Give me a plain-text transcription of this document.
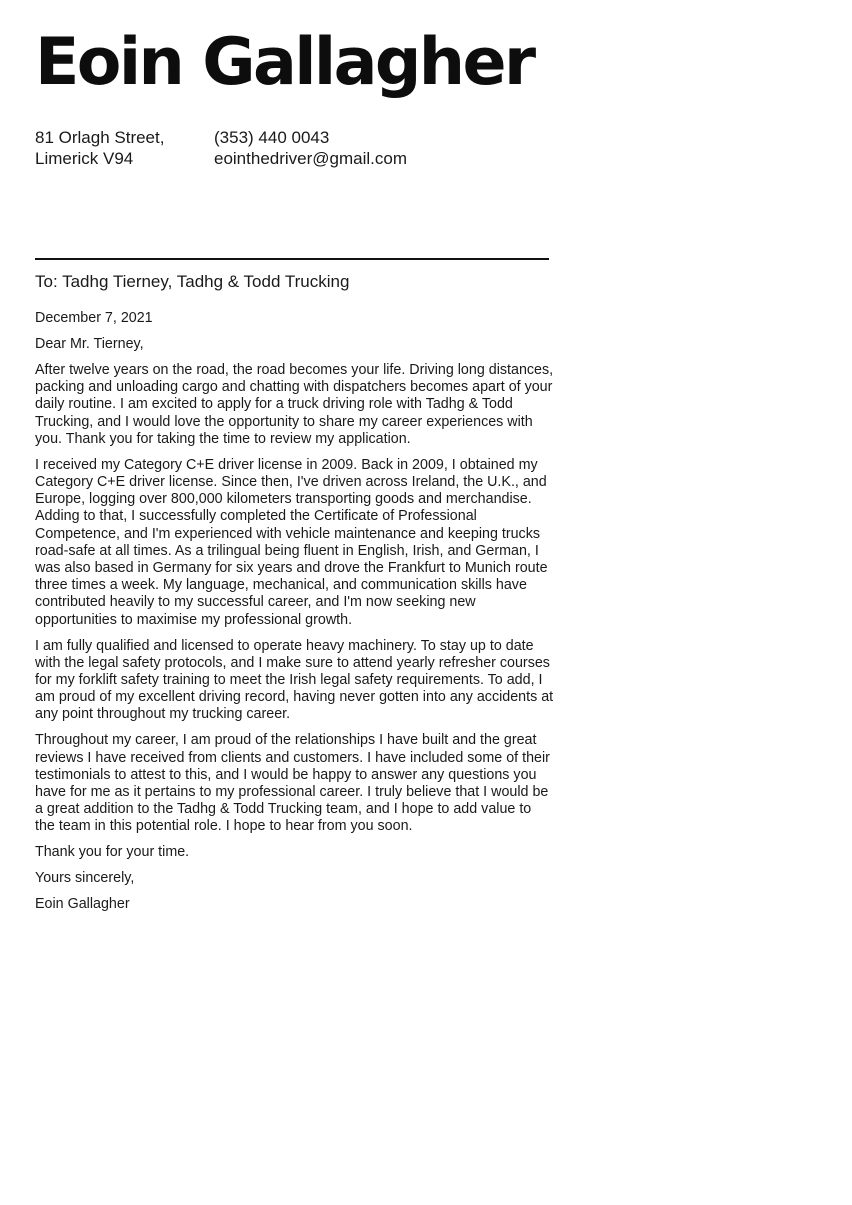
Eoin Gallagher
81 Orlagh Street,
Limerick V94
(353) 440 0043
eointhedriver@gmail.com
To: Tadhg Tierney, Tadhg & Todd Trucking

December 7, 2021

Dear Mr. Tierney,

After twelve years on the road, the road becomes your life. Driving long distances, packing and unloading cargo and chatting with dispatchers becomes apart of your daily routine. I am excited to apply for a truck driving role with Tadhg & Todd Trucking, and I would love the opportunity to share my career experiences with you. Thank you for taking the time to review my application.

I received my Category C+E driver license in 2009. Back in 2009, I obtained my Category C+E driver license. Since then, I've driven across Ireland, the U.K., and Europe, logging over 800,000 kilometers transporting goods and merchandise. Adding to that, I successfully completed the Certificate of Professional Competence, and I'm experienced with vehicle maintenance and keeping trucks road-safe at all times. As a trilingual being fluent in English, Irish, and German, I was also based in Germany for six years and drove the Frankfurt to Munich route three times a week. My language, mechanical, and communication skills have contributed heavily to my successful career, and I'm now seeking new opportunities to maximise my professional growth.

I am fully qualified and licensed to operate heavy machinery. To stay up to date with the legal safety protocols, and I make sure to attend yearly refresher courses for my forklift safety training to meet the Irish legal safety requirements. To add, I am proud of my excellent driving record, having never gotten into any accidents at any point throughout my trucking career.

Throughout my career, I am proud of the relationships I have built and the great reviews I have received from clients and customers. I have included some of their testimonials to attest to this, and I would be happy to answer any questions you have for me as it pertains to my professional career. I truly believe that I would be a great addition to the Tadhg & Todd Trucking team, and I hope to add value to the team in this potential role. I hope to hear from you soon.

Thank you for your time.

Yours sincerely,

Eoin Gallagher
